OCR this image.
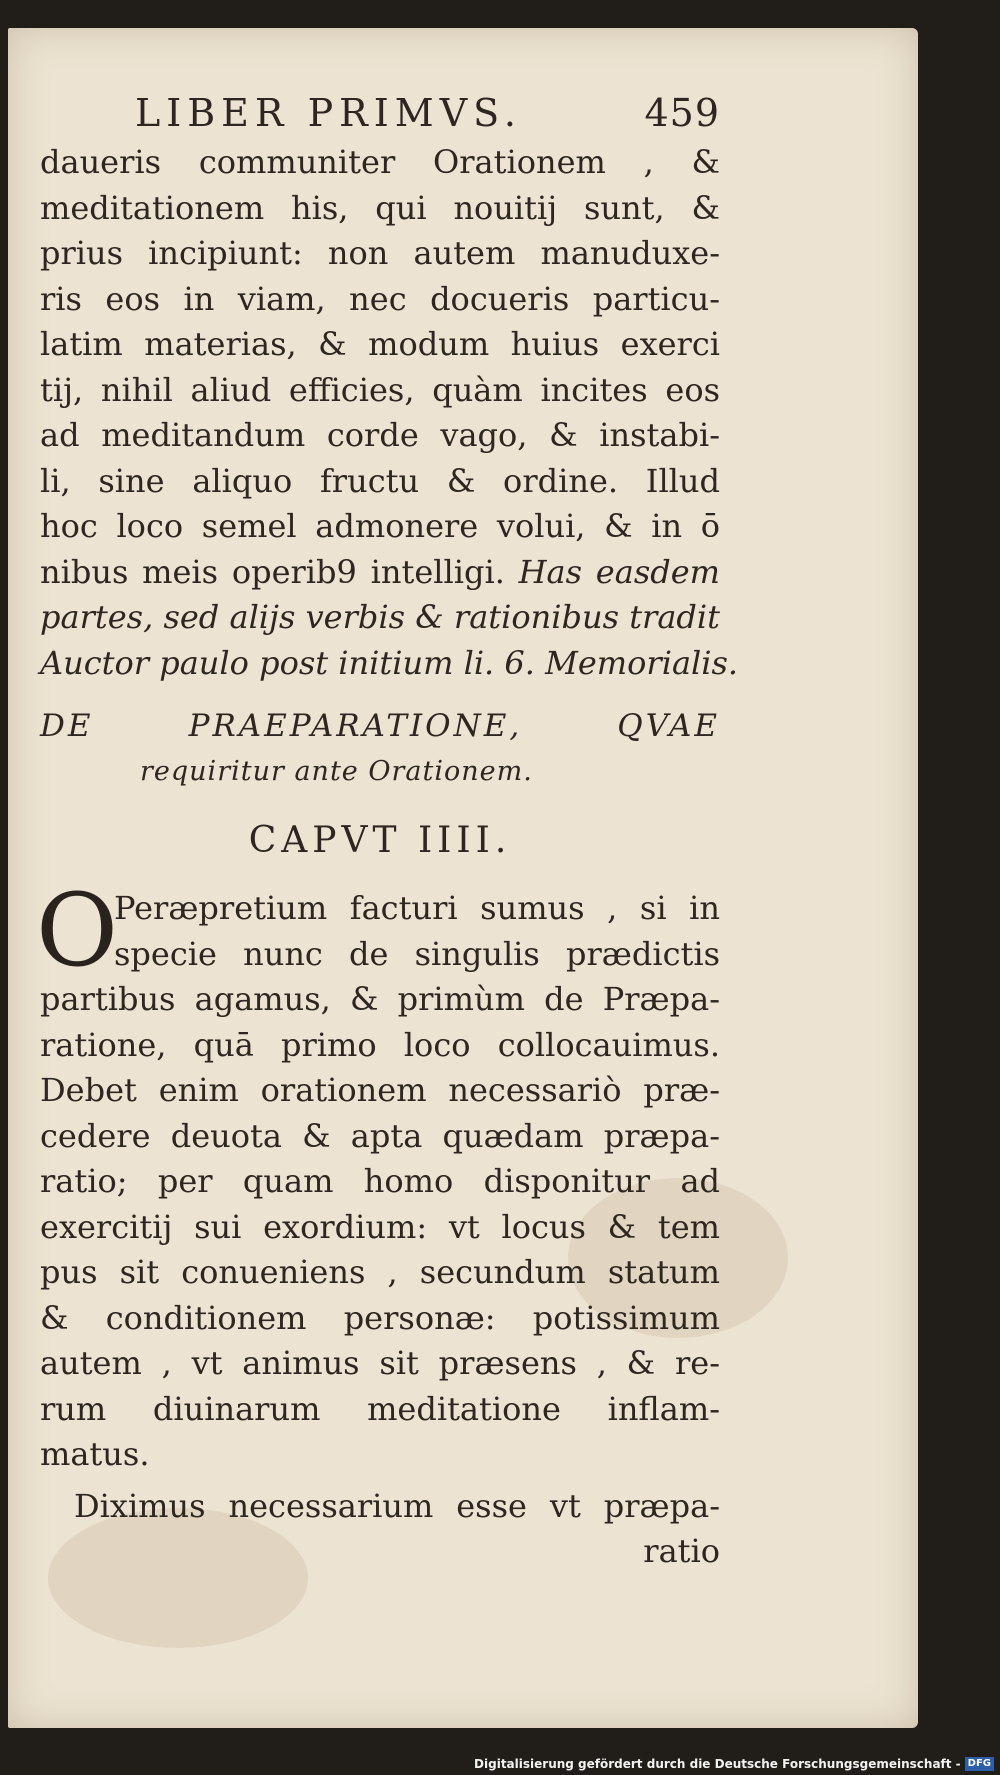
LIBER PRIMVS.	459
daueris communiter Orationem , &
meditationem his, qui nouitij sunt, &
prius incipiunt: non autem manuduxe-
ris eos in viam, nec docueris particu-
latim materias, & modum huius exerci
tij, nihil aliud efficies, quàm incites eos
ad meditandum corde vago, & instabi-
li, sine aliquo fructu & ordine. Illud
hoc loco semel admonere volui, & in ō
nibus meis operib9 intelligi. Has easdem
partes, sed alijs verbis & rationibus tradit
Auctor paulo post initium li. 6. Memorialis.
DE PRAEPARATIONE, QVAE
requiritur ante Orationem.
CAPVT IIII.
O
Peræpretium facturi sumus , si in
specie nunc de singulis prædictis
partibus agamus, & primùm de Præpa-
ratione, quā primo loco collocauimus.
Debet enim orationem necessariò præ-
cedere deuota & apta quædam præpa-
ratio; per quam homo disponitur ad
exercitij sui exordium: vt locus & tem
pus sit conueniens , secundum statum
& conditionem personæ: potissimum
autem , vt animus sit præsens , & re-
rum diuinarum meditatione inflam-
matus.
Diximus necessarium esse vt præpa-
ratio
Digitalisierung gefördert durch die Deutsche Forschungsgemeinschaft - DFG
